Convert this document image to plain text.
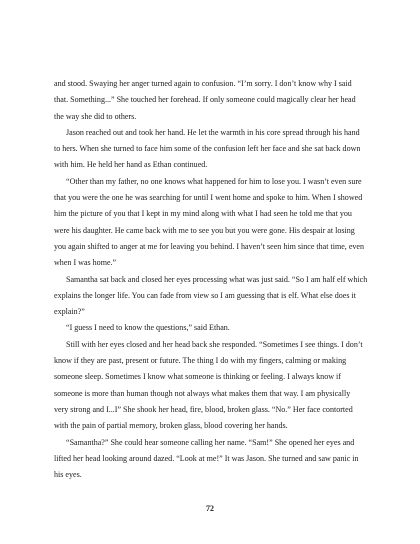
and stood. Swaying her anger turned again to confusion. “I’m sorry. I don’t know why I said

that. Something...” She touched her forehead. If only someone could magically clear her head

the way she did to others.

Jason reached out and took her hand. He let the warmth in his core spread through his hand

to hers. When she turned to face him some of the confusion left her face and she sat back down

with him. He held her hand as Ethan continued.

“Other than my father, no one knows what happened for him to lose you. I wasn’t even sure

that you were the one he was searching for until I went home and spoke to him. When I showed

him the picture of you that I kept in my mind along with what I had seen he told me that you

were his daughter. He came back with me to see you but you were gone. His despair at losing

you again shifted to anger at me for leaving you behind. I haven’t seen him since that time, even

when I was home.”

Samantha sat back and closed her eyes processing what was just said. “So I am half elf which

explains the longer life. You can fade from view so I am guessing that is elf. What else does it

explain?”

“I guess I need to know the questions,” said Ethan.

Still with her eyes closed and her head back she responded. “Sometimes I see things. I don’t

know if they are past, present or future. The thing I do with my fingers, calming or making

someone sleep. Sometimes I know what someone is thinking or feeling. I always know if

someone is more than human though not always what makes them that way. I am physically

very strong and I...I” She shook her head, fire, blood, broken glass. “No.” Her face contorted

with the pain of partial memory, broken glass, blood covering her hands.

“Samantha?” She could hear someone calling her name. “Sam!” She opened her eyes and

lifted her head looking around dazed. “Look at me!” It was Jason. She turned and saw panic in

his eyes.

72
